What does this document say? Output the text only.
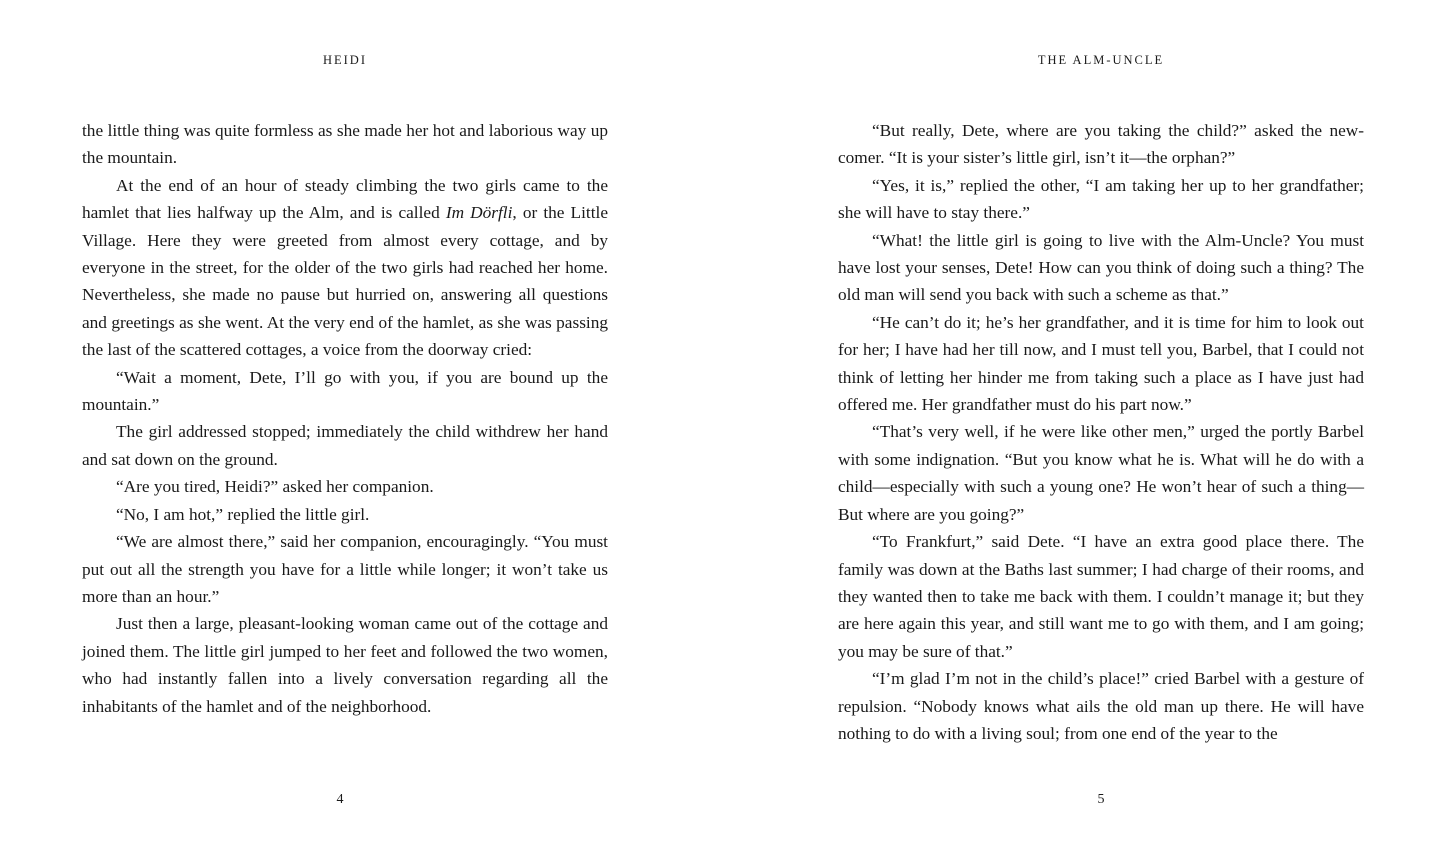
HEIDI

the little thing was quite formless as she made her hot and laborious way up the mountain.

At the end of an hour of steady climbing the two girls came to the hamlet that lies halfway up the Alm, and is called Im Dörfli, or the Little Village. Here they were greeted from almost every cottage, and by everyone in the street, for the older of the two girls had reached her home. Nevertheless, she made no pause but hurried on, answering all questions and greetings as she went. At the very end of the hamlet, as she was passing the last of the scattered cottages, a voice from the doorway cried:

“Wait a moment, Dete, I’ll go with you, if you are bound up the mountain.”

The girl addressed stopped; immediately the child withdrew her hand and sat down on the ground.

“Are you tired, Heidi?” asked her companion.

“No, I am hot,” replied the little girl.

“We are almost there,” said her companion, encouragingly. “You must put out all the strength you have for a little while longer; it won’t take us more than an hour.”

Just then a large, pleasant-looking woman came out of the cottage and joined them. The little girl jumped to her feet and followed the two women, who had instantly fallen into a lively conversation regarding all the inhabitants of the hamlet and of the neighborhood.

4
THE ALM-UNCLE

“But really, Dete, where are you taking the child?” asked the newcomer. “It is your sister’s little girl, isn’t it—the orphan?”

“Yes, it is,” replied the other, “I am taking her up to her grandfather; she will have to stay there.”

“What! the little girl is going to live with the Alm-Uncle? You must have lost your senses, Dete! How can you think of doing such a thing? The old man will send you back with such a scheme as that.”

“He can’t do it; he’s her grandfather, and it is time for him to look out for her; I have had her till now, and I must tell you, Barbel, that I could not think of letting her hinder me from taking such a place as I have just had offered me. Her grandfather must do his part now.”

“That’s very well, if he were like other men,” urged the portly Barbel with some indignation. “But you know what he is. What will he do with a child—especially with such a young one? He won’t hear of such a thing—But where are you going?”

“To Frankfurt,” said Dete. “I have an extra good place there. The family was down at the Baths last summer; I had charge of their rooms, and they wanted then to take me back with them. I couldn’t manage it; but they are here again this year, and still want me to go with them, and I am going; you may be sure of that.”

“I’m glad I’m not in the child’s place!” cried Barbel with a gesture of repulsion. “Nobody knows what ails the old man up there. He will have nothing to do with a living soul; from one end of the year to the

5
